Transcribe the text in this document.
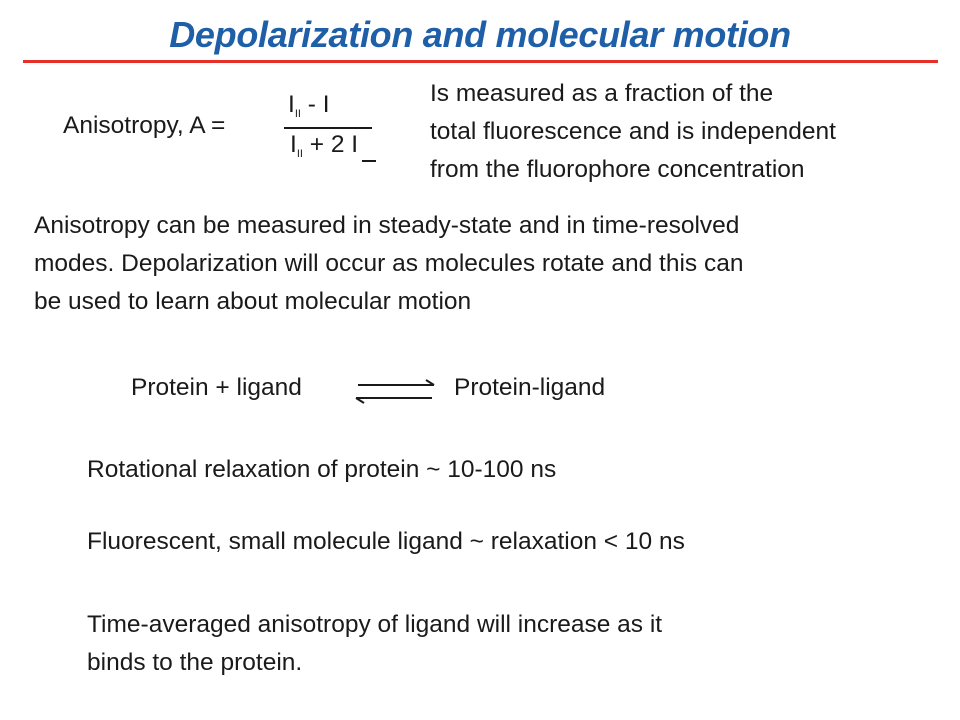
Depolarization and molecular motion
Anisotropy, A =
$I_{II}$ - I
$I_{II} + 2$ I
Is measured as a fraction of the
total fluorescence and is independent
from the fluorophore concentration
Anisotropy can be measured in steady-state and in time-resolved
modes. Depolarization will occur as molecules rotate and this can
be used to learn about molecular motion
Protein + ligand	Protein-ligand
Rotational relaxation of protein ~ 10-100 ns
Fluorescent, small molecule ligand ~ relaxation < 10 ns
Time-averaged anisotropy of ligand will increase as it
binds to the protein.
